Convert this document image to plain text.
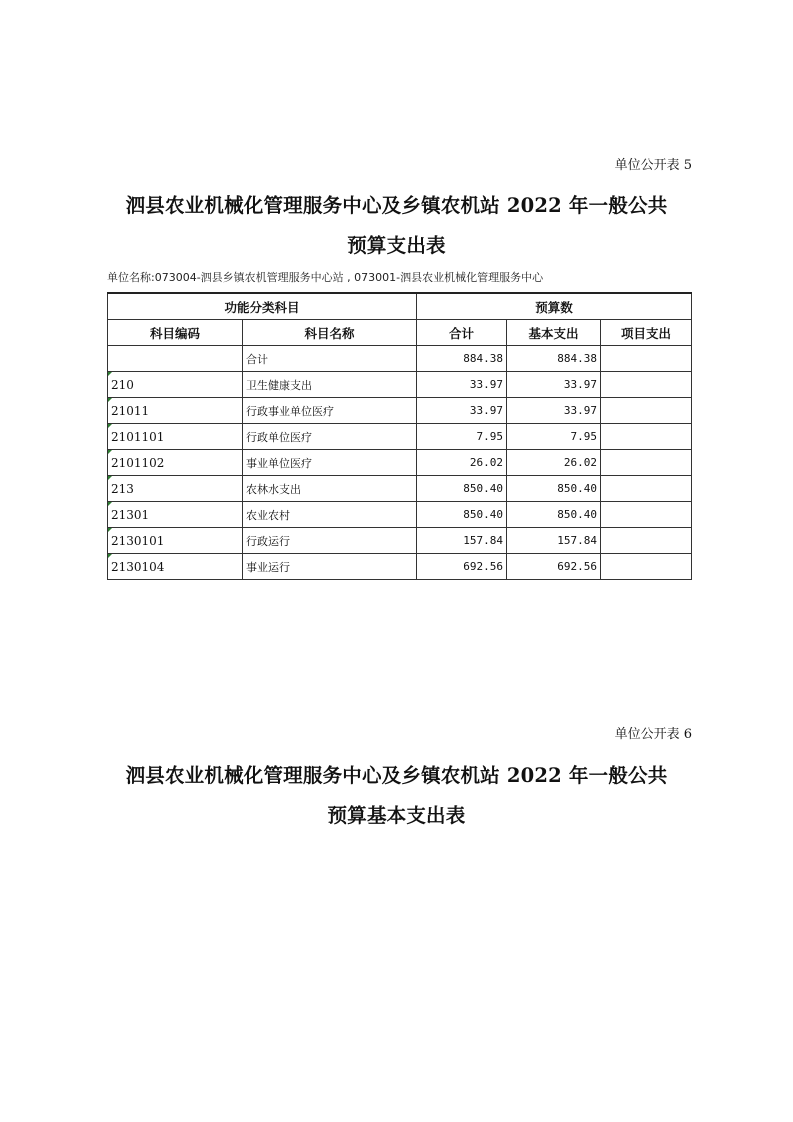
单位公开表 5
泗县农业机械化管理服务中心及乡镇农机站 2022 年一般公共
预算支出表
单位名称:073004-泗县乡镇农机管理服务中心站 , 073001-泗县农业机械化管理服务中心
功能分类科目		预算数		
科目编码	科目名称	合计	基本支出	项目支出
	合计	884.38	884.38	

210	卫生健康支出	33.97	33.97	

21011	行政事业单位医疗	33.97	33.97	

2101101	行政单位医疗	7.95	7.95	

2101102	事业单位医疗	26.02	26.02	

213	农林水支出	850.40	850.40	

21301	农业农村	850.40	850.40	

2130101	行政运行	157.84	157.84	

2130104	事业运行	692.56	692.56	
单位公开表 6
泗县农业机械化管理服务中心及乡镇农机站 2022 年一般公共
预算基本支出表
